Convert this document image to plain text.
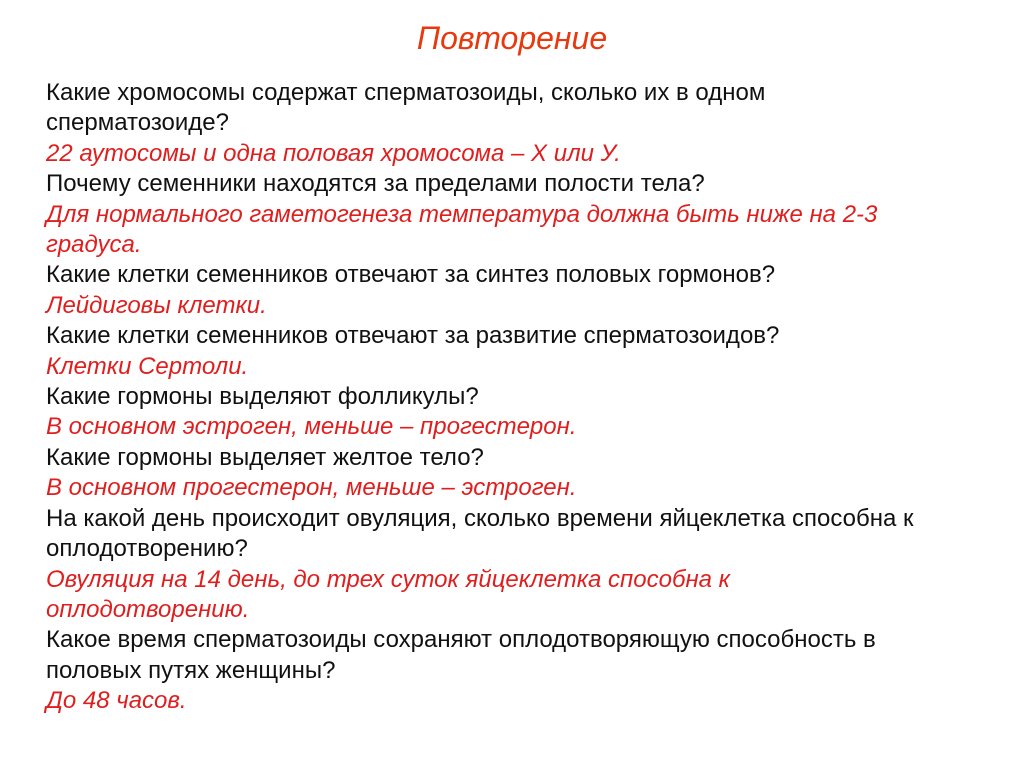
Повторение

Какие хромосомы содержат сперматозоиды, сколько их в одном

сперматозоиде?

22 аутосомы и одна половая хромосома – Х или У.

Почему семенники находятся за пределами полости тела?

Для нормального гаметогенеза температура должна быть ниже на 2-3

градуса.

Какие клетки семенников отвечают за синтез половых гормонов?

Лейдиговы клетки.

Какие клетки семенников отвечают за развитие сперматозоидов?

Клетки Сертоли.

Какие гормоны выделяют фолликулы?

В основном эстроген, меньше – прогестерон.

Какие гормоны выделяет желтое тело?

В основном прогестерон, меньше – эстроген.

На какой день происходит овуляция, сколько времени яйцеклетка способна к

оплодотворению?

Овуляция на 14 день, до трех суток яйцеклетка способна к

оплодотворению.

Какое время сперматозоиды сохраняют оплодотворяющую способность в

половых путях женщины?

До 48 часов.
